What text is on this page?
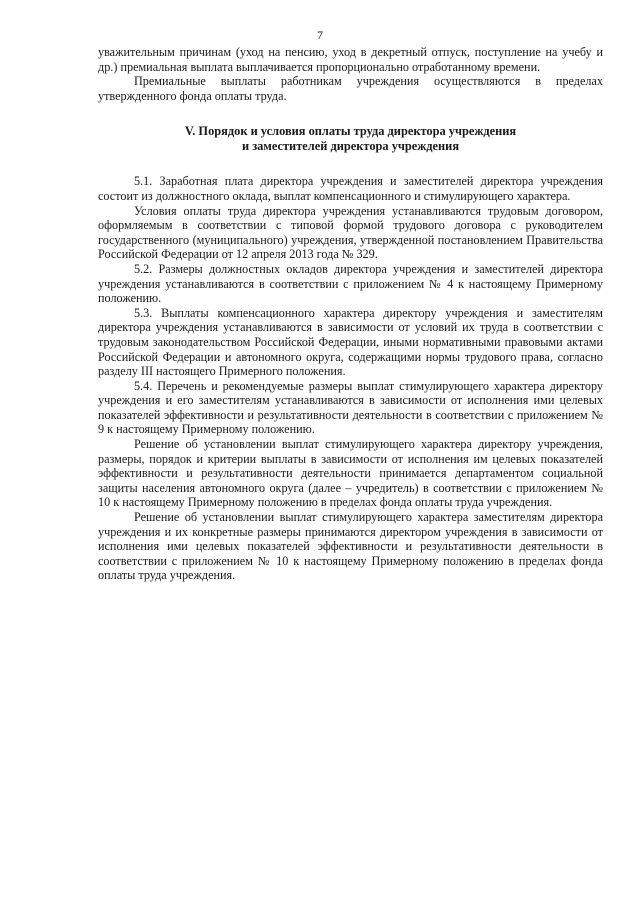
7

уважительным причинам (уход на пенсию, уход в декретный отпуск, поступление на учебу и др.) премиальная выплата выплачивается пропорционально отработанному времени.

Премиальные выплаты работникам учреждения осуществляются в пределах утвержденного фонда оплаты труда.

V. Порядок и условия оплаты труда директора учреждения
и заместителей директора учреждения

5.1. Заработная плата директора учреждения и заместителей директора учреждения состоит из должностного оклада, выплат компенсационного и стимулирующего характера.

Условия оплаты труда директора учреждения устанавливаются трудовым договором, оформляемым в соответствии с типовой формой трудового договора с руководителем государственного (муниципального) учреждения, утвержденной постановлением Правительства Российской Федерации от 12 апреля 2013 года № 329.

5.2. Размеры должностных окладов директора учреждения и заместителей директора учреждения устанавливаются в соответствии с приложением № 4 к настоящему Примерному положению.

5.3. Выплаты компенсационного характера директору учреждения и заместителям директора учреждения устанавливаются в зависимости от условий их труда в соответствии с трудовым законодательством Российской Федерации, иными нормативными правовыми актами Российской Федерации и автономного округа, содержащими нормы трудового права, согласно разделу III настоящего Примерного положения.

5.4. Перечень и рекомендуемые размеры выплат стимулирующего характера директору учреждения и его заместителям устанавливаются в зависимости от исполнения ими целевых показателей эффективности и результативности деятельности в соответствии с приложением № 9 к настоящему Примерному положению.

Решение об установлении выплат стимулирующего характера директору учреждения, размеры, порядок и критерии выплаты в зависимости от исполнения им целевых показателей эффективности и результативности деятельности принимается департаментом социальной защиты населения автономного округа (далее – учредитель) в соответствии с приложением № 10 к настоящему Примерному положению в пределах фонда оплаты труда учреждения.

Решение об установлении выплат стимулирующего характера заместителям директора учреждения и их конкретные размеры принимаются директором учреждения в зависимости от исполнения ими целевых показателей эффективности и результативности деятельности в соответствии с приложением № 10 к настоящему Примерному положению в пределах фонда оплаты труда учреждения.
